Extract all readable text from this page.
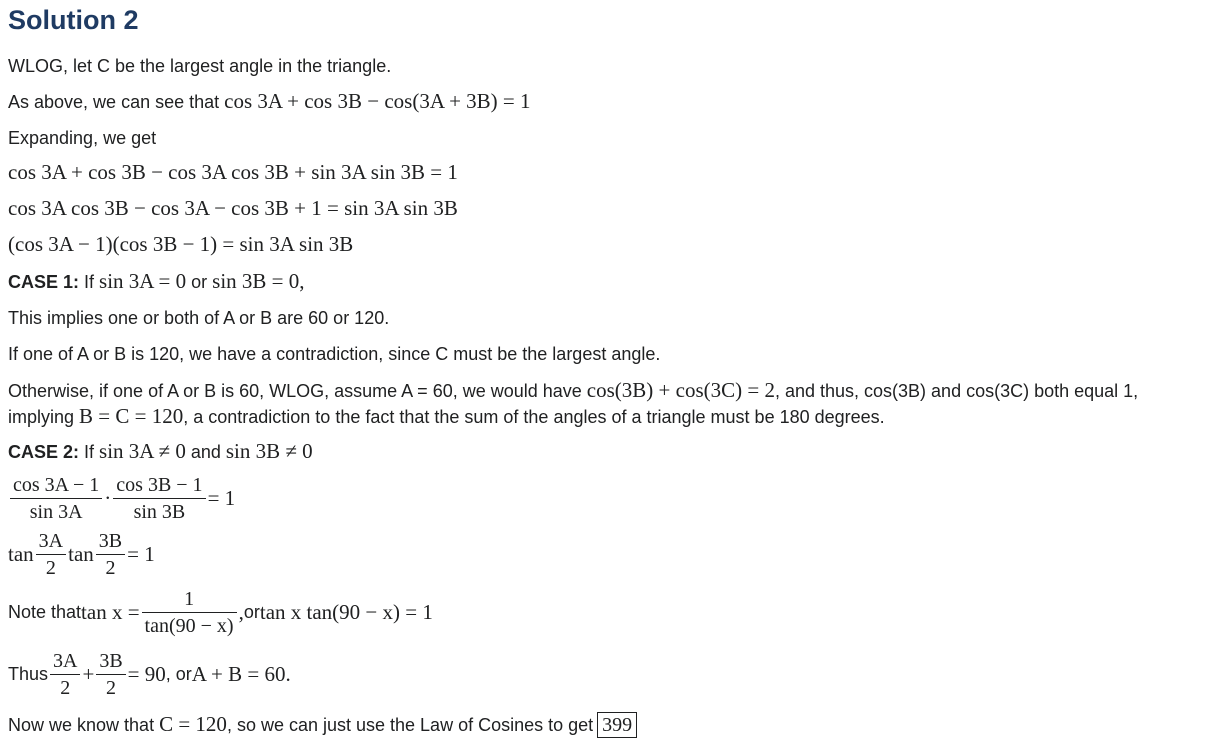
Solution 2
WLOG, let C be the largest angle in the triangle.
As above, we can see that cos 3A + cos 3B − cos(3A + 3B) = 1
Expanding, we get
cos 3A + cos 3B − cos 3A cos 3B + sin 3A sin 3B = 1
cos 3A cos 3B − cos 3A − cos 3B + 1 = sin 3A sin 3B
(cos 3A − 1)(cos 3B − 1) = sin 3A sin 3B
CASE 1: If sin 3A = 0 or sin 3B = 0,
This implies one or both of A or B are 60 or 120.
If one of A or B is 120, we have a contradiction, since C must be the largest angle.
Otherwise, if one of A or B is 60, WLOG, assume A = 60, we would have cos(3B) + cos(3C) = 2, and thus, cos(3B) and cos(3C) both equal 1,
implying B = C = 120, a contradiction to the fact that the sum of the angles of a triangle must be 180 degrees.
CASE 2: If sin 3A ≠ 0 and sin 3B ≠ 0
$\frac{\cos 3A - 1}{\sin 3A} \cdot \frac{\cos 3B - 1}{\sin 3B} = 1$
$\tan \frac{3A}{2}$ $\tan \frac{3B}{2} = 1$
Note thattan $x = \frac{1}{\tan(90 - x)} ,ortan$ x tan(90 − x) = 1
Thus $\frac{3A}{2} + \frac{3B}{2} = 90$, orA + B = 60.
Now we know that C = 120, so we can just use the Law of Cosines to get 399
